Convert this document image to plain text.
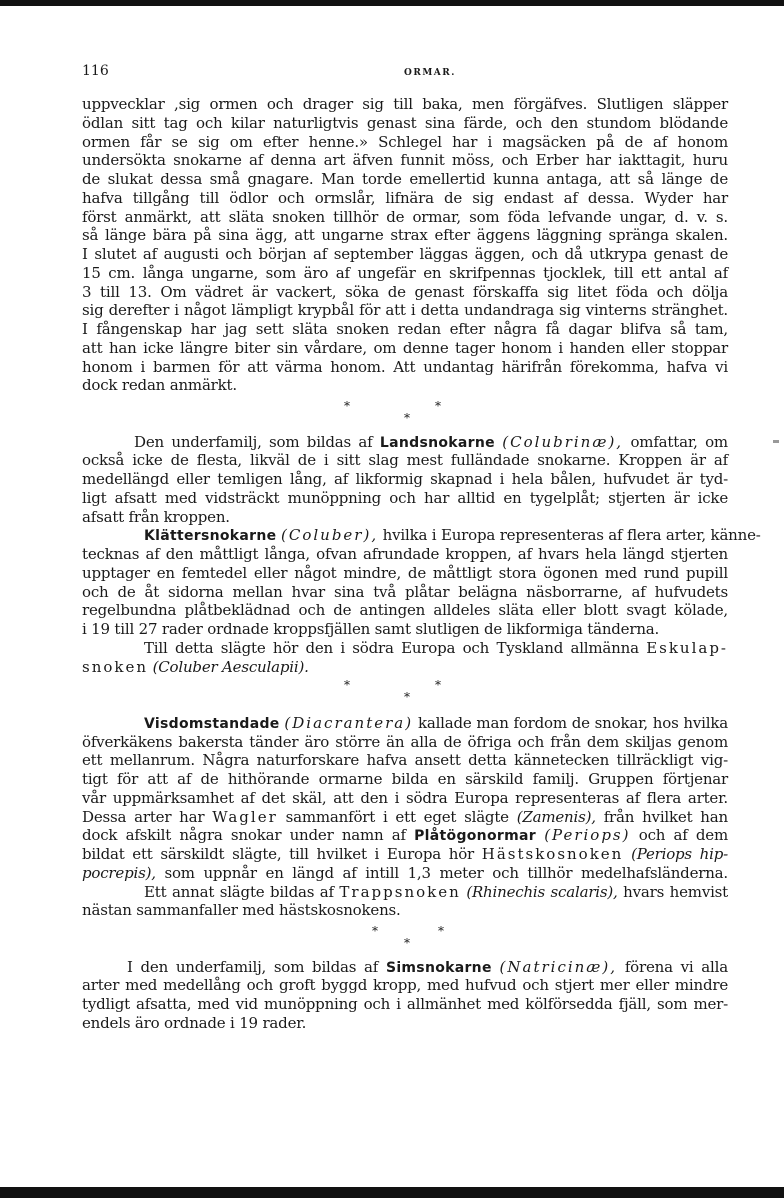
116	ORMAR.
uppvecklar ,sig ormen och drager sig till baka, men förgäfves. Slutligen släpper
ödlan sitt tag och kilar naturligtvis genast sina färde, och den stundom blödande
ormen får se sig om efter henne.» Schlegel har i magsäcken på de af honom
undersökta snokarne af denna art äfven funnit möss, och Erber har iakttagit, huru
de slukat dessa små gnagare. Man torde emellertid kunna antaga, att så länge de
hafva tillgång till ödlor och ormslår, lifnära de sig endast af dessa. Wyder har
först anmärkt, att släta snoken tillhör de ormar, som föda lefvande ungar, d. v. s.
så länge bära på sina ägg, att ungarne strax efter äggens läggning spränga skalen.
I slutet af augusti och början af september läggas äggen, och då utkrypa genast de
15 cm. långa ungarne, som äro af ungefär en skrifpennas tjocklek, till ett antal af
3 till 13. Om vädret är vackert, söka de genast förskaffa sig litet föda och dölja
sig derefter i något lämpligt krypbål för att i detta undandraga sig vinterns stränghet.
I fångenskap har jag sett släta snoken redan efter några få dagar blifva så tam,
att han icke längre biter sin vårdare, om denne tager honom i handen eller stoppar
honom i barmen för att värma honom. Att undantag härifrån förekomma, hafva vi
dock redan anmärkt.
*	*
*
Den underfamilj, som bildas af Landsnokarne (Colubrinæ), omfattar, om
också icke de flesta, likväl de i sitt slag mest fulländade snokarne. Kroppen är af
medellängd eller temligen lång, af likformig skapnad i hela bålen, hufvudet är tyd-
ligt afsatt med vidsträckt munöppning och har alltid en tygelplåt; stjerten är icke
afsatt från kroppen.
Klättersnokarne (Coluber), hvilka i Europa representeras af flera arter, känne-
tecknas af den måttligt långa, ofvan afrundade kroppen, af hvars hela längd stjerten
upptager en femtedel eller något mindre, de måttligt stora ögonen med rund pupill
och de åt sidorna mellan hvar sina två plåtar belägna näsborrarne, af hufvudets
regelbundna plåtbeklädnad och de antingen alldeles släta eller blott svagt kölade,
i 19 till 27 rader ordnade kroppsfjällen samt slutligen de likformiga tänderna.
Till detta slägte hör den i södra Europa och Tyskland allmänna Eskulap-
snoken (Coluber Aesculapii).
*	*
*
Visdomstandade (Diacrantera) kallade man fordom de snokar, hos hvilka
öfverkäkens bakersta tänder äro större än alla de öfriga och från dem skiljas genom
ett mellanrum. Några naturforskare hafva ansett detta kännetecken tillräckligt vig-
tigt för att af de hithörande ormarne bilda en särskild familj. Gruppen förtjenar
vår uppmärksamhet af det skäl, att den i södra Europa representeras af flera arter.
Dessa arter har Wagler sammanfört i ett eget slägte (Zamenis), från hvilket han
dock afskilt några snokar under namn af Plåtögonormar (Periops) och af dem
bildat ett särskildt slägte, till hvilket i Europa hör Hästskosnoken (Periops hip-
pocrepis), som uppnår en längd af intill 1,3 meter och tillhör medelhafsländerna.
Ett annat slägte bildas af Trappsnoken (Rhinechis scalaris), hvars hemvist
nästan sammanfaller med hästskosnokens.
*	*
*
I den underfamilj, som bildas af Simsnokarne (Natricinæ), förena vi alla
arter med medellång och groft byggd kropp, med hufvud och stjert mer eller mindre
tydligt afsatta, med vid munöppning och i allmänhet med kölförsedda fjäll, som mer-
endels äro ordnade i 19 rader.
